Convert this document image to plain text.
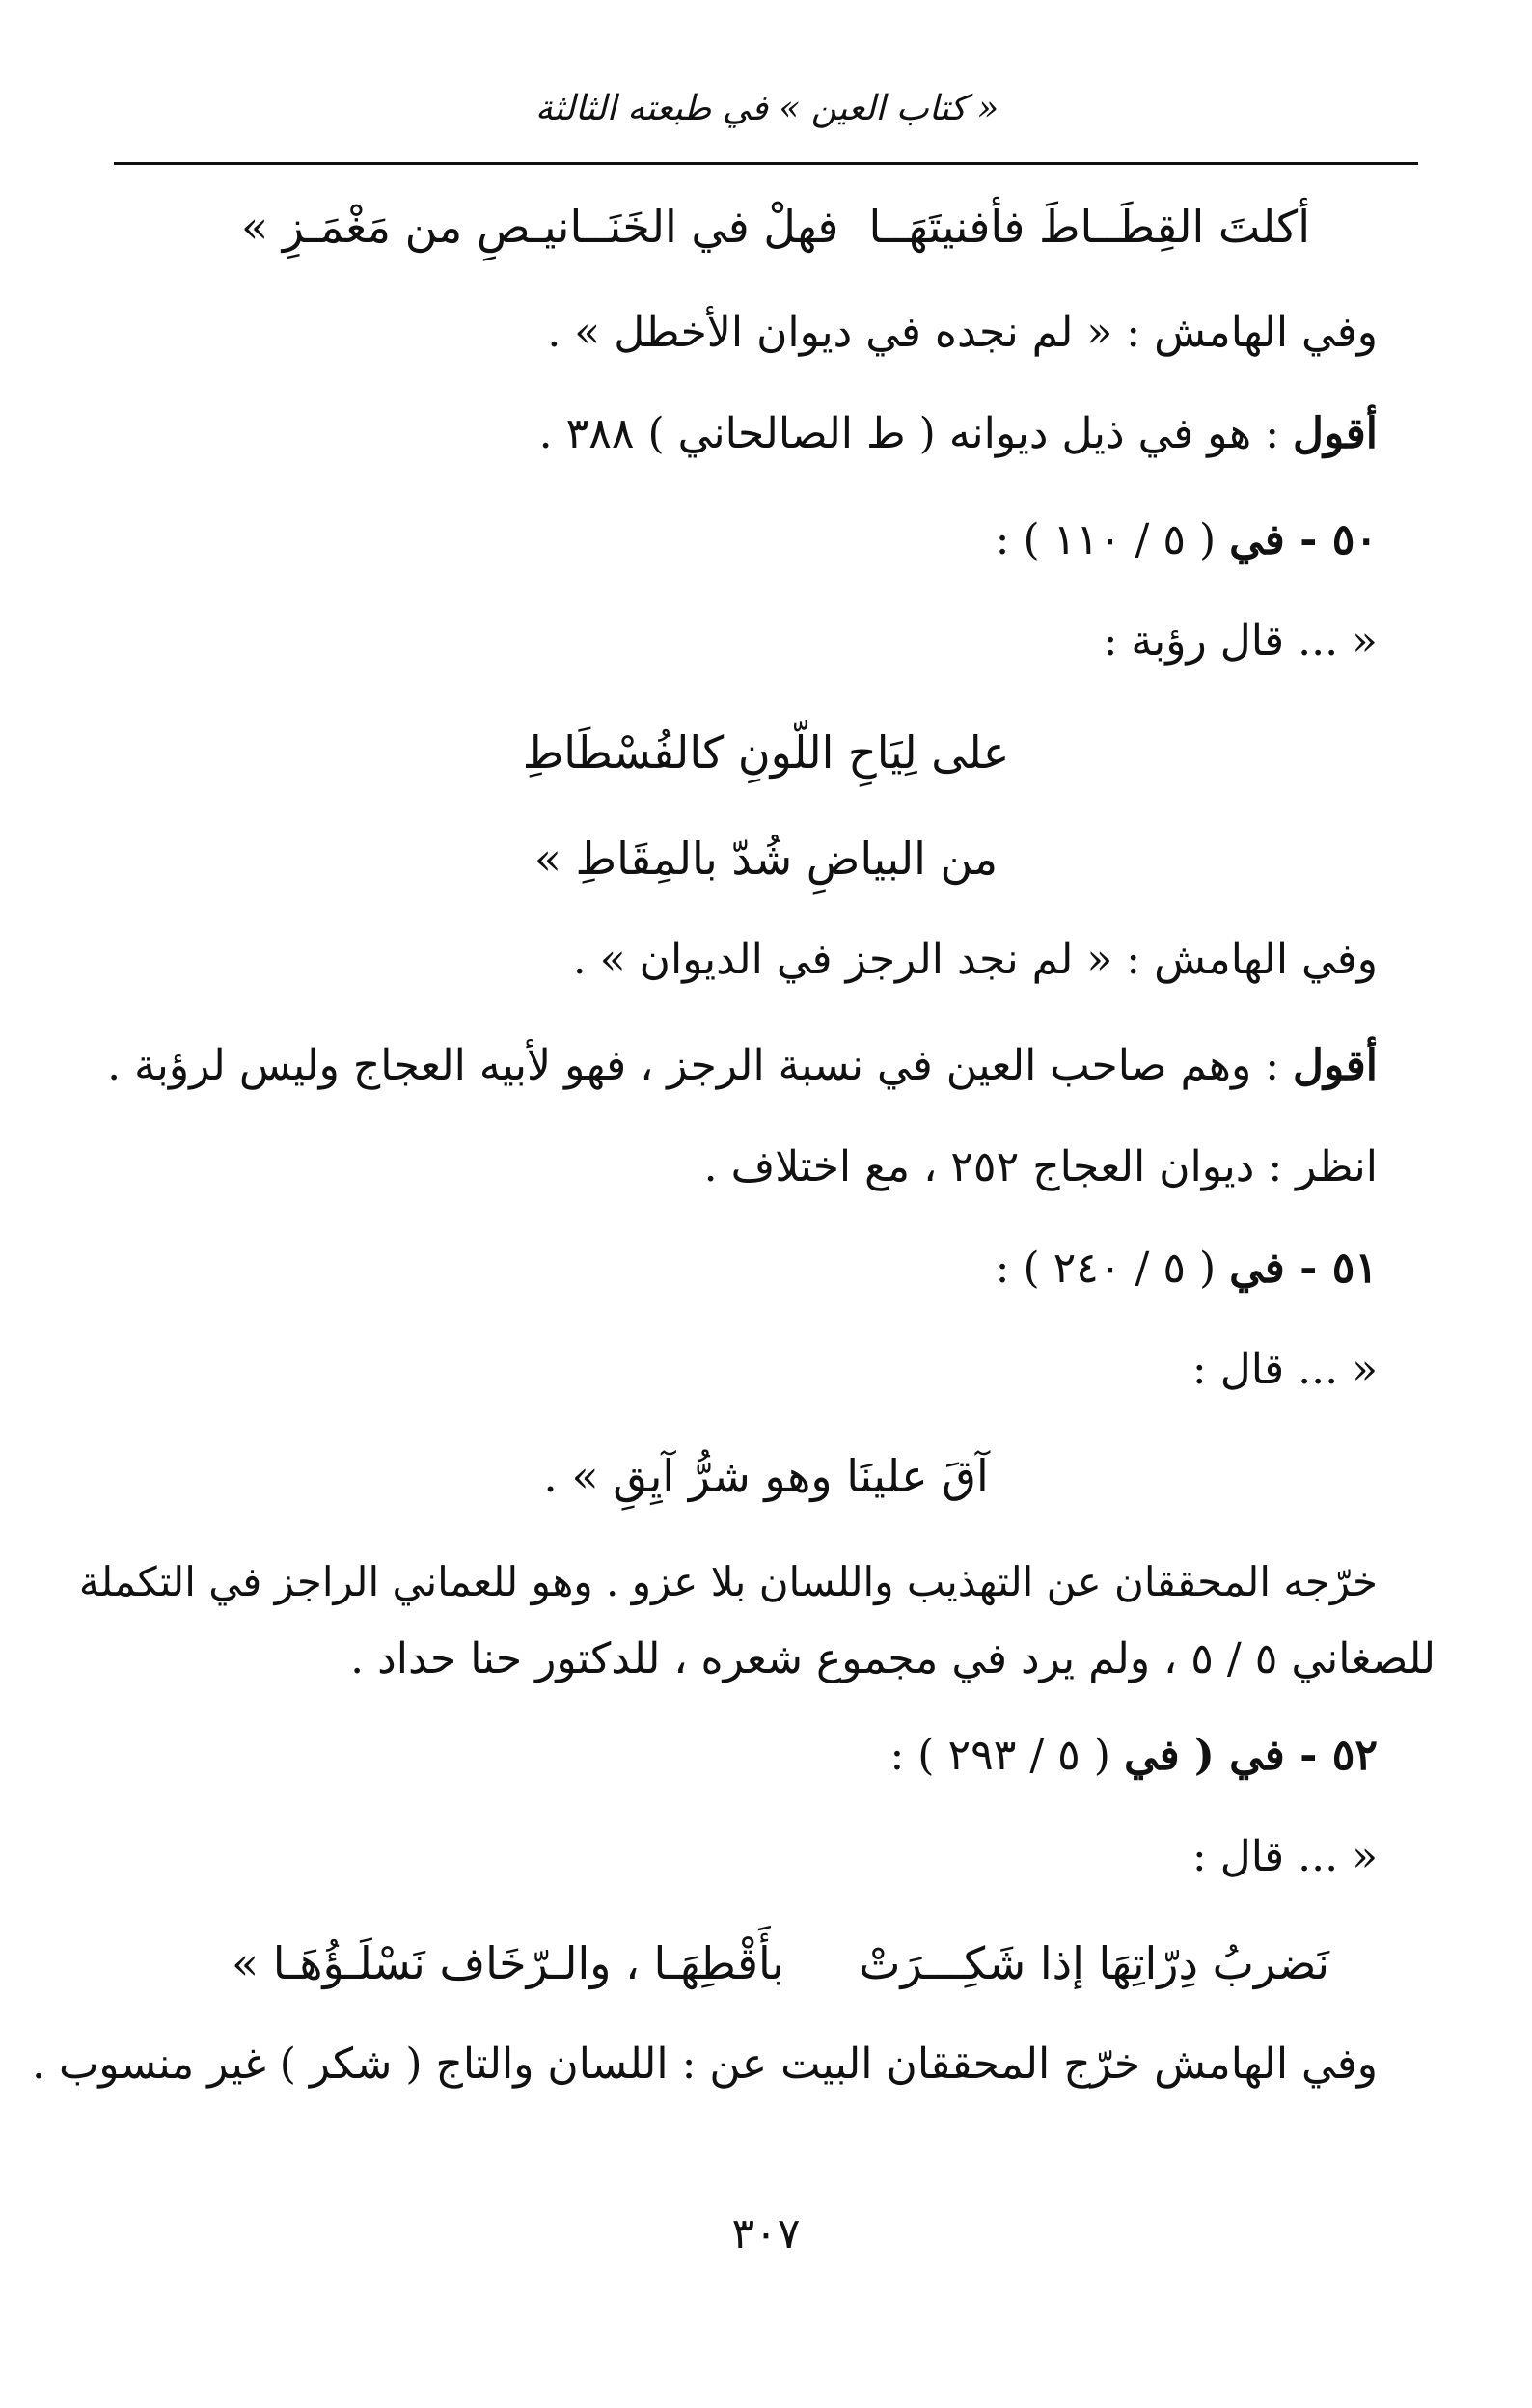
« كتاب العين » في طبعته الثالثة
أكلتَ القِطَــاطَ فأفنيتَهَــا
فهلْ في الخَنَــانيـصِ من مَغْمَـزِ »
وفي الهامش : « لم نجده في ديوان الأخطل » .
أقول : هو في ذيل ديوانه ( ط الصالحاني ) ٣٨٨ .
٥٠ - في ( ٥ / ١١٠ ) :
« ... قال رؤبة :
على لِيَاحِ اللّونِ كالفُسْطَاطِ
من البياضِ شُدّ بالمِقَاطِ »
وفي الهامش : « لم نجد الرجز في الديوان » .
أقول : وهم صاحب العين في نسبة الرجز ، فهو لأبيه العجاج وليس لرؤبة .
انظر : ديوان العجاج ٢٥٢ ، مع اختلاف .
٥١ - في ( ٥ / ٢٤٠ ) :
« ... قال :
آقَ علينَا وهو شرُّ آيِقِ » .
خرّجه المحققان عن التهذيب واللسان بلا عزو . وهو للعماني الراجز في التكملة
للصغاني ٥ / ٥ ، ولم يرد في مجموع شعره ، للدكتور حنا حداد .
٥٢ - في ( في ( ٥ / ٢٩٣ ) :
« ... قال :
نَضربُ دِرّاتِهَا إذا شَكِـــرَتْ
بأَقْطِهَـا ، والـرّخَاف نَسْلَـؤُهَـا »
وفي الهامش خرّج المحققان البيت عن : اللسان والتاج ( شكر ) غير منسوب .
٣٠٧
